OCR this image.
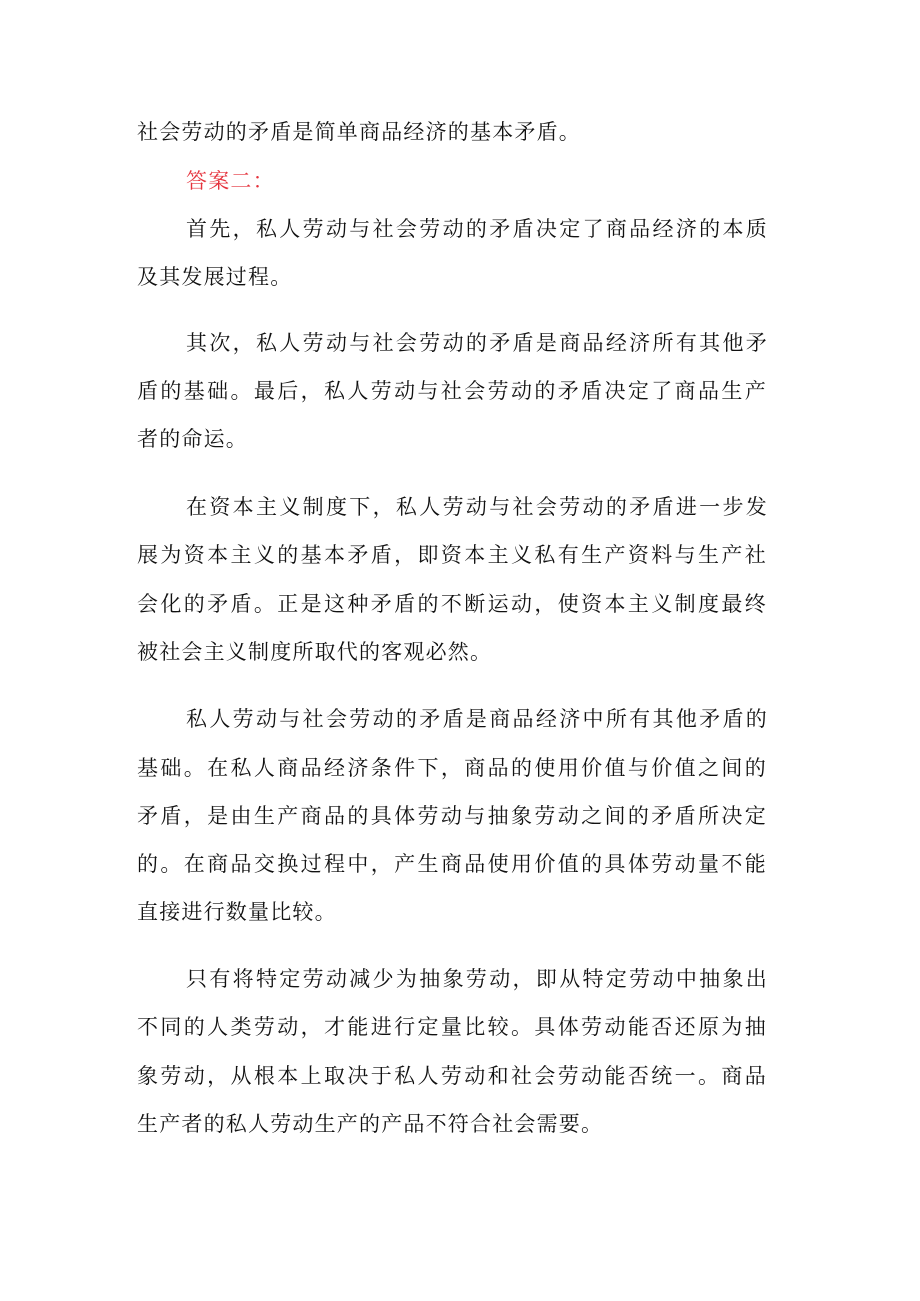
社会劳动的矛盾是简单商品经济的基本矛盾。
答案二：
首先，私人劳动与社会劳动的矛盾决定了商品经济的本质
及其发展过程。
其次，私人劳动与社会劳动的矛盾是商品经济所有其他矛
盾的基础。最后，私人劳动与社会劳动的矛盾决定了商品生产
者的命运。
在资本主义制度下，私人劳动与社会劳动的矛盾进一步发
展为资本主义的基本矛盾，即资本主义私有生产资料与生产社
会化的矛盾。正是这种矛盾的不断运动，使资本主义制度最终
被社会主义制度所取代的客观必然。
私人劳动与社会劳动的矛盾是商品经济中所有其他矛盾的
基础。在私人商品经济条件下，商品的使用价值与价值之间的
矛盾，是由生产商品的具体劳动与抽象劳动之间的矛盾所决定
的。在商品交换过程中，产生商品使用价值的具体劳动量不能
直接进行数量比较。
只有将特定劳动减少为抽象劳动，即从特定劳动中抽象出
不同的人类劳动，才能进行定量比较。具体劳动能否还原为抽
象劳动，从根本上取决于私人劳动和社会劳动能否统一。商品
生产者的私人劳动生产的产品不符合社会需要。
